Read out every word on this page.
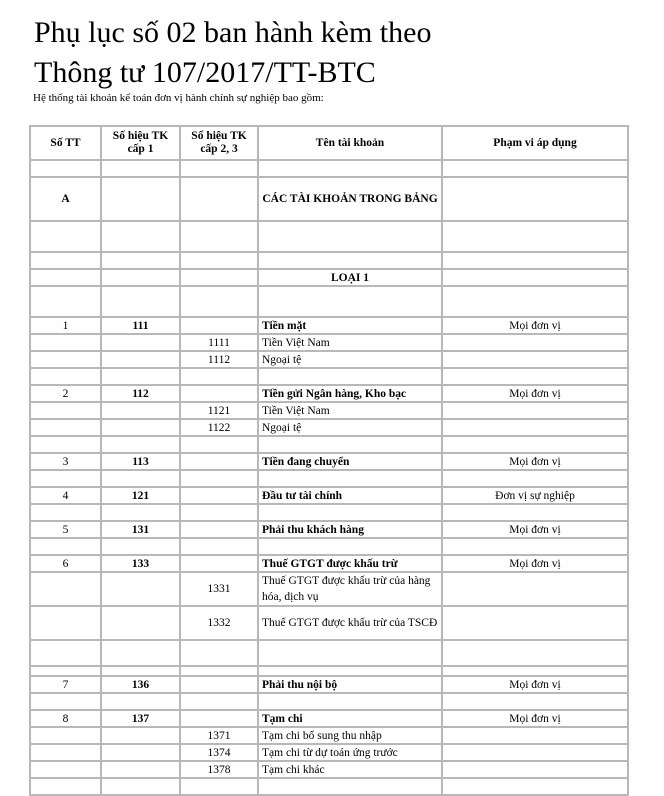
Phụ lục số 02 ban hành kèm theo
Thông tư 107/2017/TT-BTC
Hệ thống tài khoản kế toán đơn vị hành chính sự nghiệp bao gồm:
Số TT	Số hiệu TK cấp 1	Số hiệu TK cấp 2, 3	Tên tài khoản	Phạm vi áp dụng

A			CÁC TÀI KHOẢN TRONG BẢNG	

			LOẠI 1	

1	111		Tiền mặt	Mọi đơn vị
		1111	Tiền Việt Nam	
		1112	Ngoại tệ	

2	112		Tiền gửi Ngân hàng, Kho bạc	Mọi đơn vị
		1121	Tiền Việt Nam	
		1122	Ngoại tệ	

3	113		Tiền đang chuyển	Mọi đơn vị

4	121		Đầu tư tài chính	Đơn vị sự nghiệp

5	131		Phải thu khách hàng	Mọi đơn vị

6	133		Thuế GTGT được khấu trừ	Mọi đơn vị
		1331	Thuế GTGT được khấu trừ của hàng hóa, dịch vụ	
		1332	Thuế GTGT được khấu trừ của TSCĐ	

7	136		Phải thu nội bộ	Mọi đơn vị

8	137		Tạm chi	Mọi đơn vị
		1371	Tạm chi bổ sung thu nhập	
		1374	Tạm chi từ dự toán ứng trước	
		1378	Tạm chi khác	
